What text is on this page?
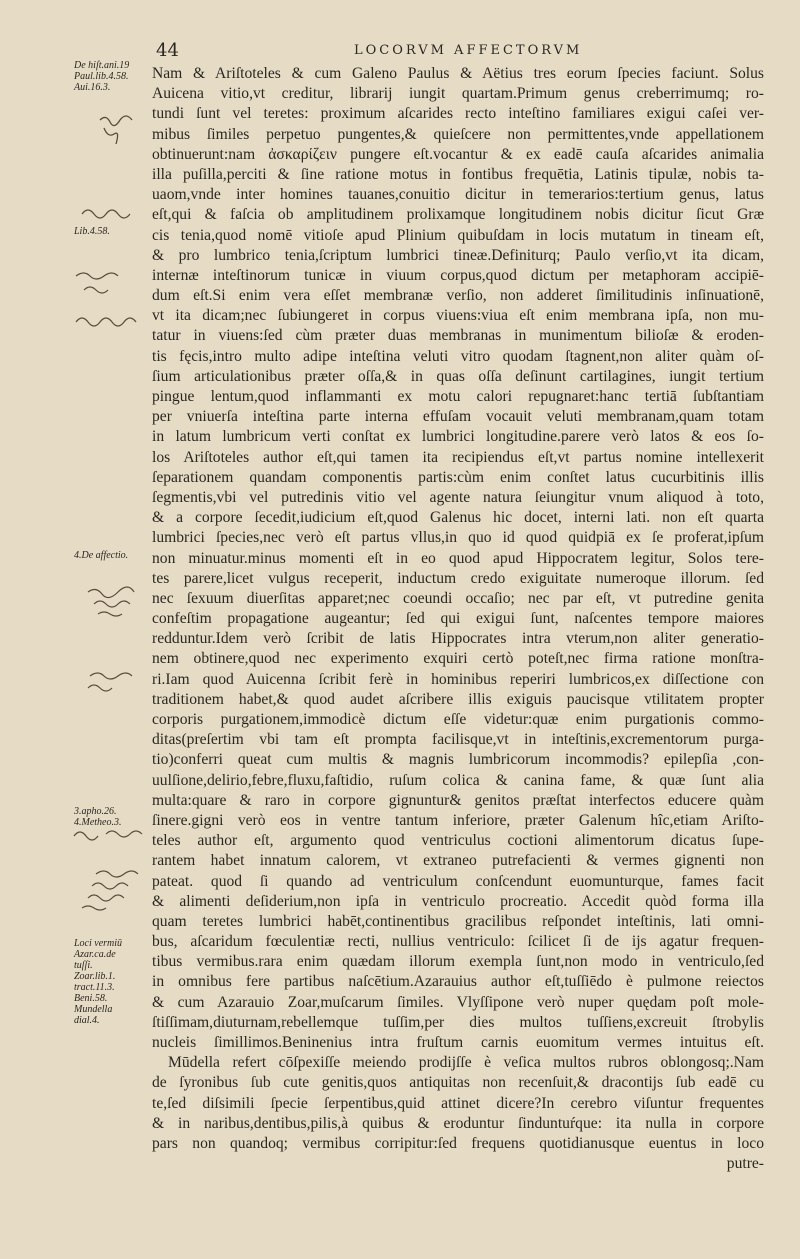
44	LOCORVM AFFECTORVM
De hiſt.ani.19
Paul.lib.4.58.
Aui.16.3.
Lib.4.58.
4.De affectio.
3.apho.26.
4.Metheo.3.
Loci vermiū
Azar.ca.de
tuſſi.
Zoar.lib.1.
tract.11.3.
Beni.58.
Mundella
dial.4.
Nam & Ariſtoteles & cum Galeno Paulus & Aëtius tres eorum ſpecies faciunt. Solus
Auicena vitio,vt creditur, librarij iungit quartam.Primum genus creberrimumq; ro-
tundi ſunt vel teretes: proximum aſcarides recto inteſtino familiares exigui caſei ver-
mibus ſimiles perpetuo pungentes,& quieſcere non permittentes,vnde appellationem
obtinuerunt:nam ἀσκαρίζειν pungere eſt.vocantur & ex eadē cauſa aſcarides animalia
illa puſilla,perciti & ſine ratione motus in fontibus frequētia, Latinis tipulæ, nobis ta-
uaom,vnde inter homines tauanes,conuitio dicitur in temerarios:tertium genus, latus
eſt,qui & faſcia ob amplitudinem prolixamque longitudinem nobis dicitur ſicut Græ
cis tenia,quod nomē vitioſe apud Plinium quibuſdam in locis mutatum in tineam eſt,
& pro lumbrico tenia,ſcriptum lumbrici tineæ.Definiturq; Paulo verſio,vt ita dicam,
internæ inteſtinorum tunicæ in viuum corpus,quod dictum per metaphoram accipiē-
dum eſt.Si enim vera eſſet membranæ verſio, non adderet ſimilitudinis inſinuationē,
vt ita dicam;nec ſubiungeret in corpus viuens:viua eſt enim membrana ipſa, non mu-
tatur in viuens:ſed cùm præter duas membranas in munimentum bilioſæ & eroden-
tis fęcis,intro multo adipe inteſtina veluti vitro quodam ſtagnent,non aliter quàm oſ-
ſium articulationibus præter oſſa,& in quas oſſa deſinunt cartilagines, iungit tertium
pingue lentum,quod inflammanti ex motu calori repugnaret:hanc tertiā ſubſtantiam
per vniuerſa inteſtina parte interna effuſam vocauit veluti membranam,quam totam
in latum lumbricum verti conſtat ex lumbrici longitudine.parere verò latos & eos ſo-
los Ariſtoteles author eſt,qui tamen ita recipiendus eſt,vt partus nomine intellexerit
ſeparationem quandam componentis partis:cùm enim conſtet latus cucurbitinis illis
ſegmentis,vbi vel putredinis vitio vel agente natura ſeiungitur vnum aliquod à toto,
& a corpore ſecedit,iudicium eſt,quod Galenus hic docet, interni lati. non eſt quarta
lumbrici ſpecies,nec verò eſt partus vllus,in quo id quod quidpiā ex ſe proferat,ipſum
non minuatur.minus momenti eſt in eo quod apud Hippocratem legitur, Solos tere-
tes parere,licet vulgus receperit, inductum credo exiguitate numeroque illorum. ſed
nec ſexuum diuerſitas apparet;nec coeundi occaſio; nec par eſt, vt putredine genita
confeſtim propagatione augeantur; ſed qui exigui ſunt, naſcentes tempore maiores
redduntur.Idem verò ſcribit de latis Hippocrates intra vterum,non aliter generatio-
nem obtinere,quod nec experimento exquiri certò poteſt,nec firma ratione monſtra-
ri.Iam quod Auicenna ſcribit ferè in hominibus reperiri lumbricos,ex diſſectione con
traditionem habet,& quod audet aſcribere illis exiguis paucisque vtilitatem propter
corporis purgationem,immodicè dictum eſſe videtur:quæ enim purgationis commo-
ditas(preſertim vbi tam eſt prompta facilisque,vt in inteſtinis,excrementorum purga-
tio)conferri queat cum multis & magnis lumbricorum incommodis? epilepſia ,con-
uulſione,delirio,febre,fluxu,faſtidio, ruſum colica & canina fame, & quæ ſunt alia
multa:quare & raro in corpore gignuntur& genitos præſtat interfectos educere quàm
ſinere.gigni verò eos in ventre tantum inferiore, præter Galenum hîc,etiam Ariſto-
teles author eſt, argumento quod ventriculus coctioni alimentorum dicatus ſupe-
rantem habet innatum calorem, vt extraneo putrefacienti & vermes gignenti non
pateat. quod ſi quando ad ventriculum conſcendunt euomunturque, fames facit
& alimenti deſiderium,non ipſa in ventriculo procreatio. Accedit quòd forma illa
quam teretes lumbrici habēt,continentibus gracilibus reſpondet inteſtinis, lati omni-
bus, aſcaridum fœculentiæ recti, nullius ventriculo: ſcilicet ſi de ijs agatur frequen-
tibus vermibus.rara enim quædam illorum exempla ſunt,non modo in ventriculo,ſed
in omnibus fere partibus naſcētium.Azarauius author eſt,tuſſiēdo è pulmone reiectos
& cum Azarauio Zoar,muſcarum ſimiles. Vlyſſipone verò nuper quędam poſt mole-
ſtiſſimam,diuturnam,rebellemque tuſſim,per dies multos tuſſiens,excreuit ſtrobylis
nucleis ſimillimos.Beninenius intra fruſtum carnis euomitum vermes intuitus eſt.
Mūdella refert cōſpexiſſe meiendo prodijſſe è veſica multos rubros oblongosq;.Nam
de ſyronibus ſub cute genitis,quos antiquitas non recenſuit,& dracontijs ſub eadē cu
te,ſed diſsimili ſpecie ſerpentibus,quid attinet dicere?In cerebro viſuntur frequentes
& in naribus,dentibus,pilis,à quibus & eroduntur ſinduntuŕque: ita nulla in corpore
pars non quandoq; vermibus corripitur:ſed frequens quotidianusque euentus in loco
putre-
